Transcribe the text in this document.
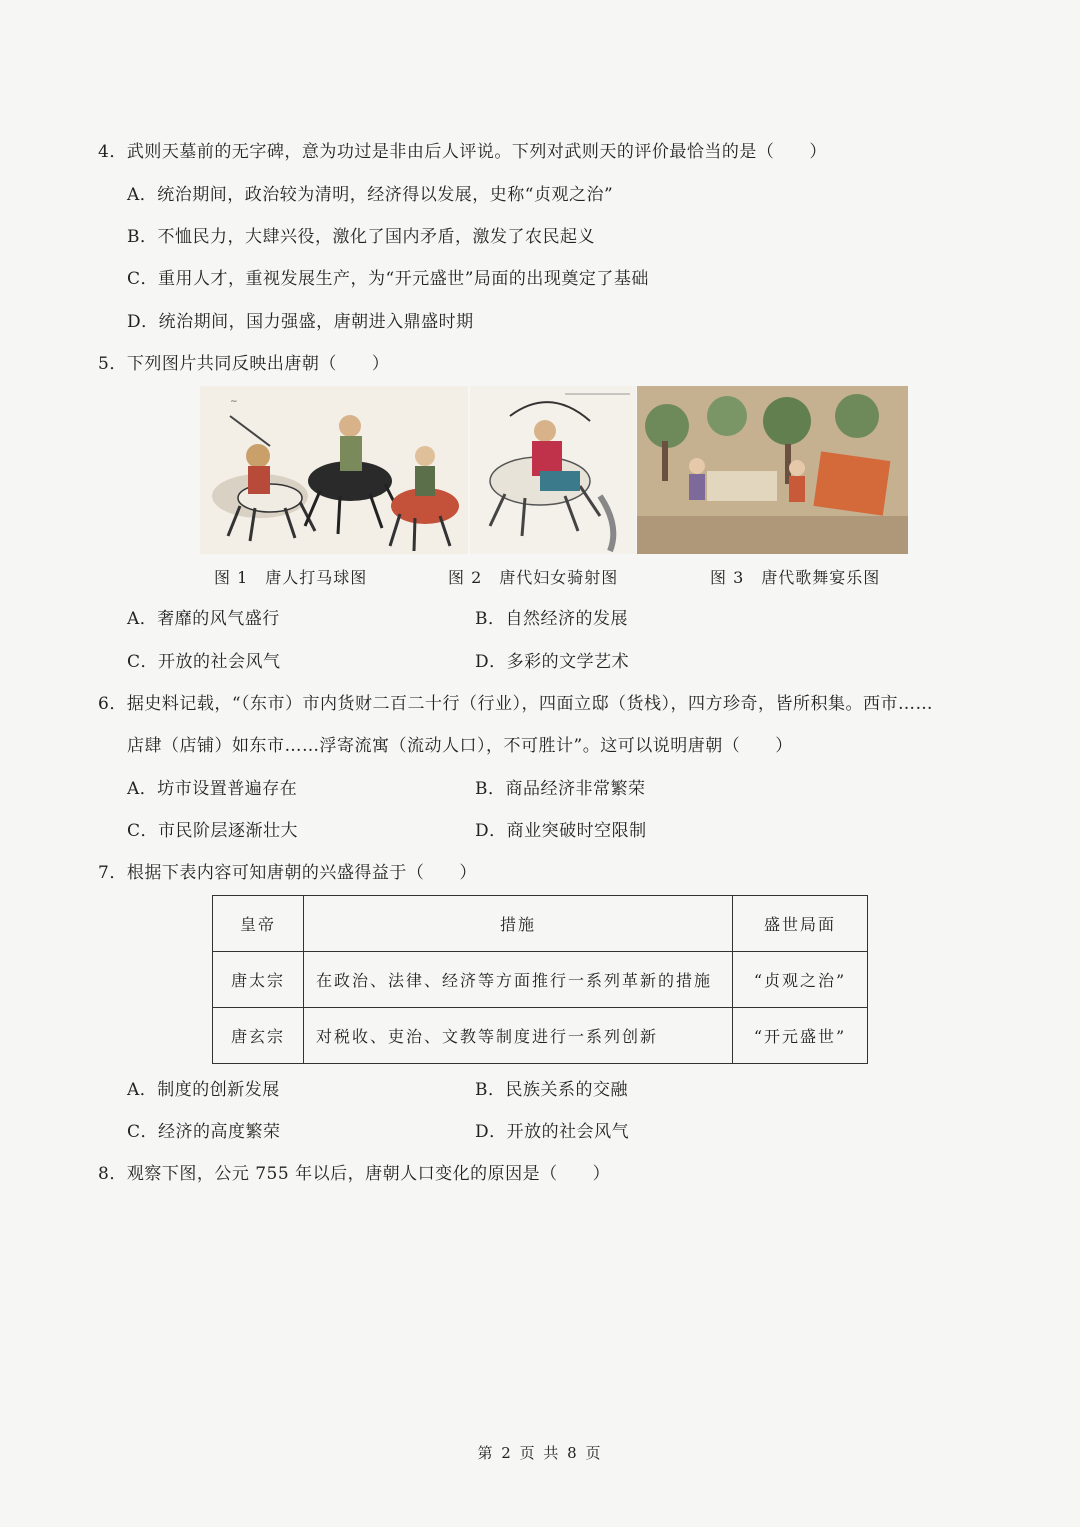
4．武则天墓前的无字碑，意为功过是非由后人评说。下列对武则天的评价最恰当的是（　　）
A．统治期间，政治较为清明，经济得以发展，史称“贞观之治”
B．不恤民力，大肆兴役，激化了国内矛盾，激发了农民起义
C．重用人才，重视发展生产，为“开元盛世”局面的出现奠定了基础
D．统治期间，国力强盛，唐朝进入鼎盛时期
5．下列图片共同反映出唐朝（　　）
~
图 1　唐人打马球图	图 2　唐代妇女骑射图	图 3　唐代歌舞宴乐图
A．奢靡的风气盛行	B．自然经济的发展
C．开放的社会风气	D．多彩的文学艺术
6．据史料记载，“（东市）市内货财二百二十行（行业），四面立邸（货栈），四方珍奇，皆所积集。西市……
店肆（店铺）如东市……浮寄流寓（流动人口），不可胜计”。这可以说明唐朝（　　）
A．坊市设置普遍存在	B．商品经济非常繁荣
C．市民阶层逐渐壮大	D．商业突破时空限制
7．根据下表内容可知唐朝的兴盛得益于（　　）
皇帝	措施	盛世局面
唐太宗	在政治、法律、经济等方面推行一系列革新的措施	“贞观之治”
唐玄宗	对税收、吏治、文教等制度进行一系列创新	“开元盛世”
A．制度的创新发展	B．民族关系的交融
C．经济的高度繁荣	D．开放的社会风气
8．观察下图，公元 755 年以后，唐朝人口变化的原因是（　　）
第 2 页 共 8 页
